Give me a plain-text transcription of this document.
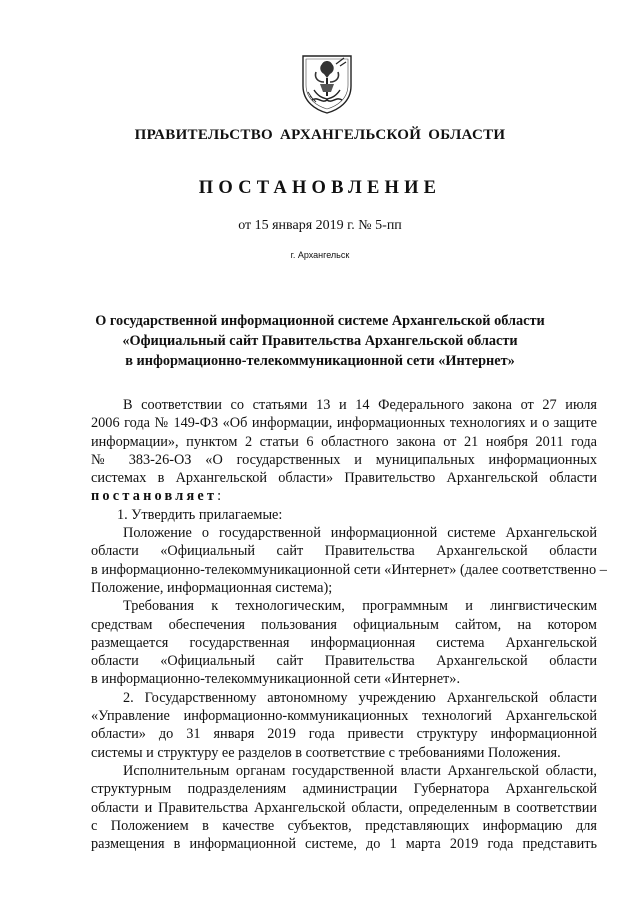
ПРАВИТЕЛЬСТВО АРХАНГЕЛЬСКОЙ ОБЛАСТИ
ПОСТАНОВЛЕНИЕ
от 15 января 2019 г. № 5-пп
г. Архангельск
О государственной информационной системе Архангельской области
«Официальный сайт Правительства Архангельской области
в информационно-телекоммуникационной сети «Интернет»
В соответствии со статьями 13 и 14 Федерального закона от 27 июля
2006 года № 149-ФЗ «Об информации, информационных технологиях и о защите
информации», пунктом 2 статьи 6 областного закона от 21 ноября 2011 года
№ 383-26-ОЗ «О государственных и муниципальных информационных
системах в Архангельской области» Правительство Архангельской области
постановляет:
1. Утвердить прилагаемые:
Положение о государственной информационной системе Архангельской
области «Официальный сайт Правительства Архангельской области
в информационно-телекоммуникационной сети «Интернет» (далее соответственно –
Положение, информационная система);
Требования к технологическим, программным и лингвистическим
средствам обеспечения пользования официальным сайтом, на котором
размещается государственная информационная система Архангельской
области «Официальный сайт Правительства Архангельской области
в информационно-телекоммуникационной сети «Интернет».
2. Государственному автономному учреждению Архангельской области
«Управление информационно-коммуникационных технологий Архангельской
области» до 31 января 2019 года привести структуру информационной
системы и структуру ее разделов в соответствие с требованиями Положения.
Исполнительным органам государственной власти Архангельской области,
структурным подразделениям администрации Губернатора Архангельской
области и Правительства Архангельской области, определенным в соответствии
с Положением в качестве субъектов, представляющих информацию для
размещения в информационной системе, до 1 марта 2019 года представить
